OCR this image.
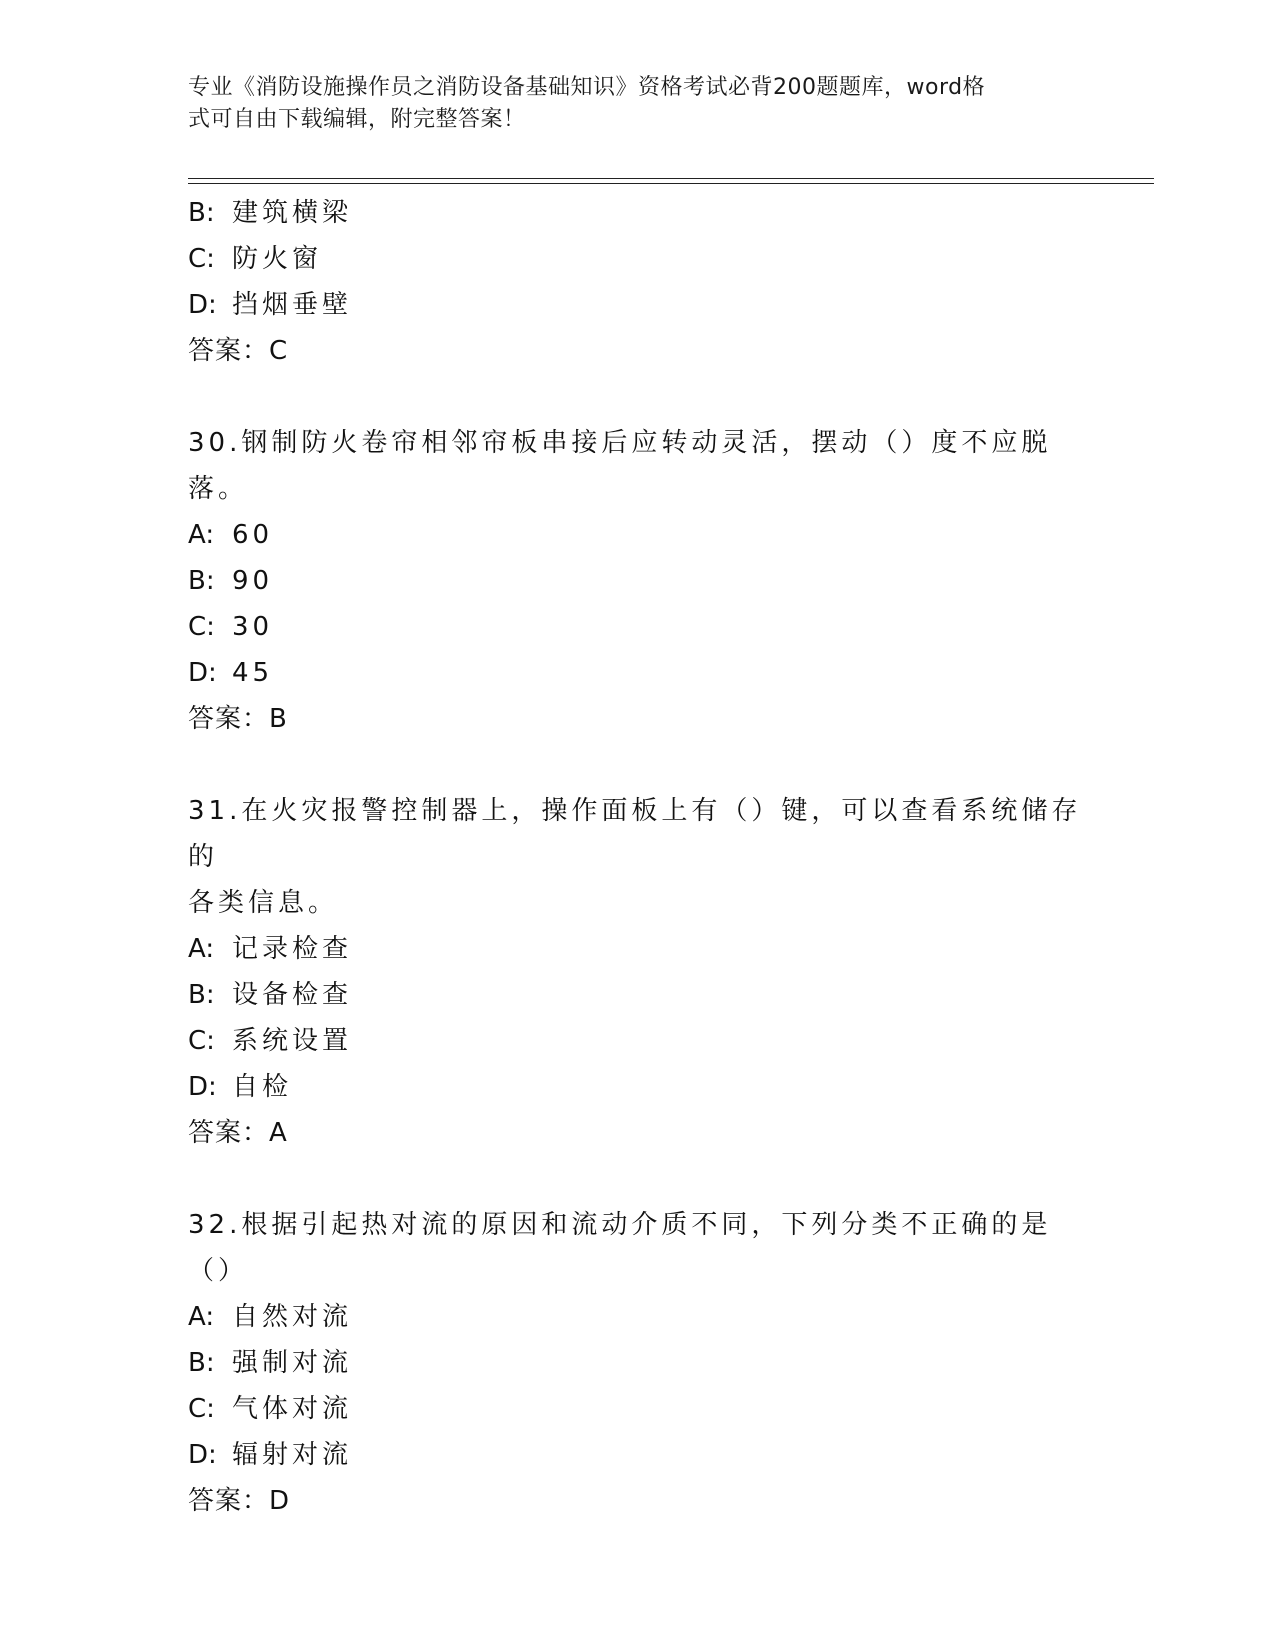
专业《消防设施操作员之消防设备基础知识》资格考试必背200题题库，word格
式可自由下载编辑，附完整答案！
B: 建筑横梁
C: 防火窗
D: 挡烟垂壁
答案：C
30.钢制防火卷帘相邻帘板串接后应转动灵活，摆动（）度不应脱落。
A: 60
B: 90
C: 30
D: 45
答案：B
31.在火灾报警控制器上，操作面板上有（）键，可以查看系统储存的
各类信息。
A: 记录检查
B: 设备检查
C: 系统设置
D: 自检
答案：A
32.根据引起热对流的原因和流动介质不同，下列分类不正确的是（）
A: 自然对流
B: 强制对流
C: 气体对流
D: 辐射对流
答案：D
